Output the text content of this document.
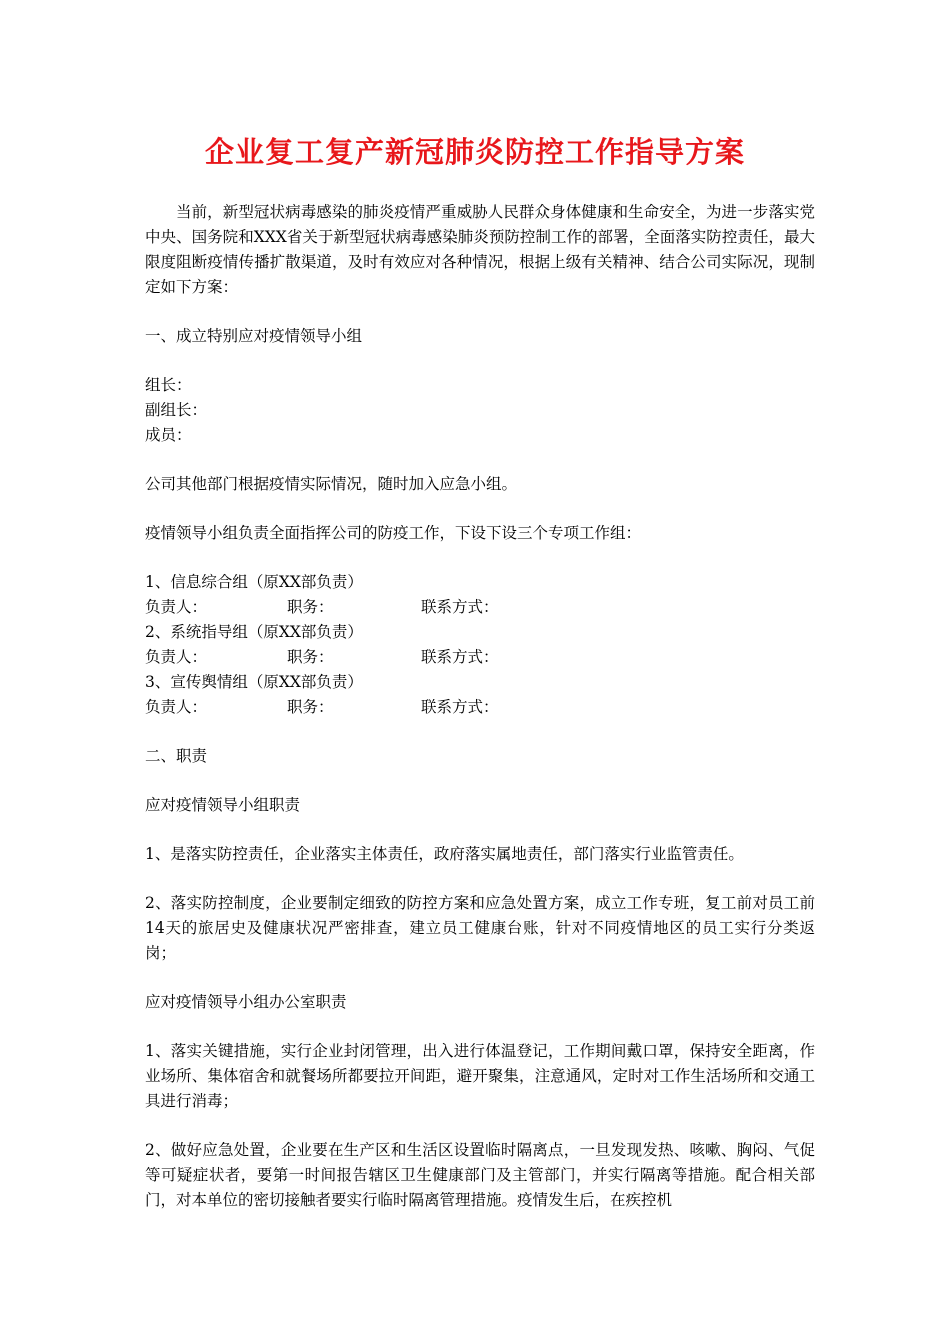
企业复工复产新冠肺炎防控工作指导方案

当前，新型冠状病毒感染的肺炎疫情严重威胁人民群众身体健康和生命安全，为进一步落实党中央、国务院和XXX省关于新型冠状病毒感染肺炎预防控制工作的部署，全面落实防控责任，最大限度阻断疫情传播扩散渠道，及时有效应对各种情况，根据上级有关精神、结合公司实际况，现制定如下方案：

一、成立特别应对疫情领导小组

组长：

副组长：

成员：

公司其他部门根据疫情实际情况，随时加入应急小组。

疫情领导小组负责全面指挥公司的防疫工作，下设下设三个专项工作组：

1、信息综合组（原XX部负责）

负责人：	职务：	联系方式：

2、系统指导组（原XX部负责）

负责人：	职务：	联系方式：

3、宣传舆情组（原XX部负责）

负责人：	职务：	联系方式：

二、职责

应对疫情领导小组职责

1、是落实防控责任，企业落实主体责任，政府落实属地责任，部门落实行业监管责任。

2、落实防控制度，企业要制定细致的防控方案和应急处置方案，成立工作专班，复工前对员工前14天的旅居史及健康状况严密排查，建立员工健康台账，针对不同疫情地区的员工实行分类返岗；

应对疫情领导小组办公室职责

1、落实关键措施，实行企业封闭管理，出入进行体温登记，工作期间戴口罩，保持安全距离，作业场所、集体宿舍和就餐场所都要拉开间距，避开聚集，注意通风，定时对工作生活场所和交通工具进行消毒；

2、做好应急处置，企业要在生产区和生活区设置临时隔离点，一旦发现发热、咳嗽、胸闷、气促等可疑症状者，要第一时间报告辖区卫生健康部门及主管部门，并实行隔离等措施。配合相关部门，对本单位的密切接触者要实行临时隔离管理措施。疫情发生后，在疾控机
